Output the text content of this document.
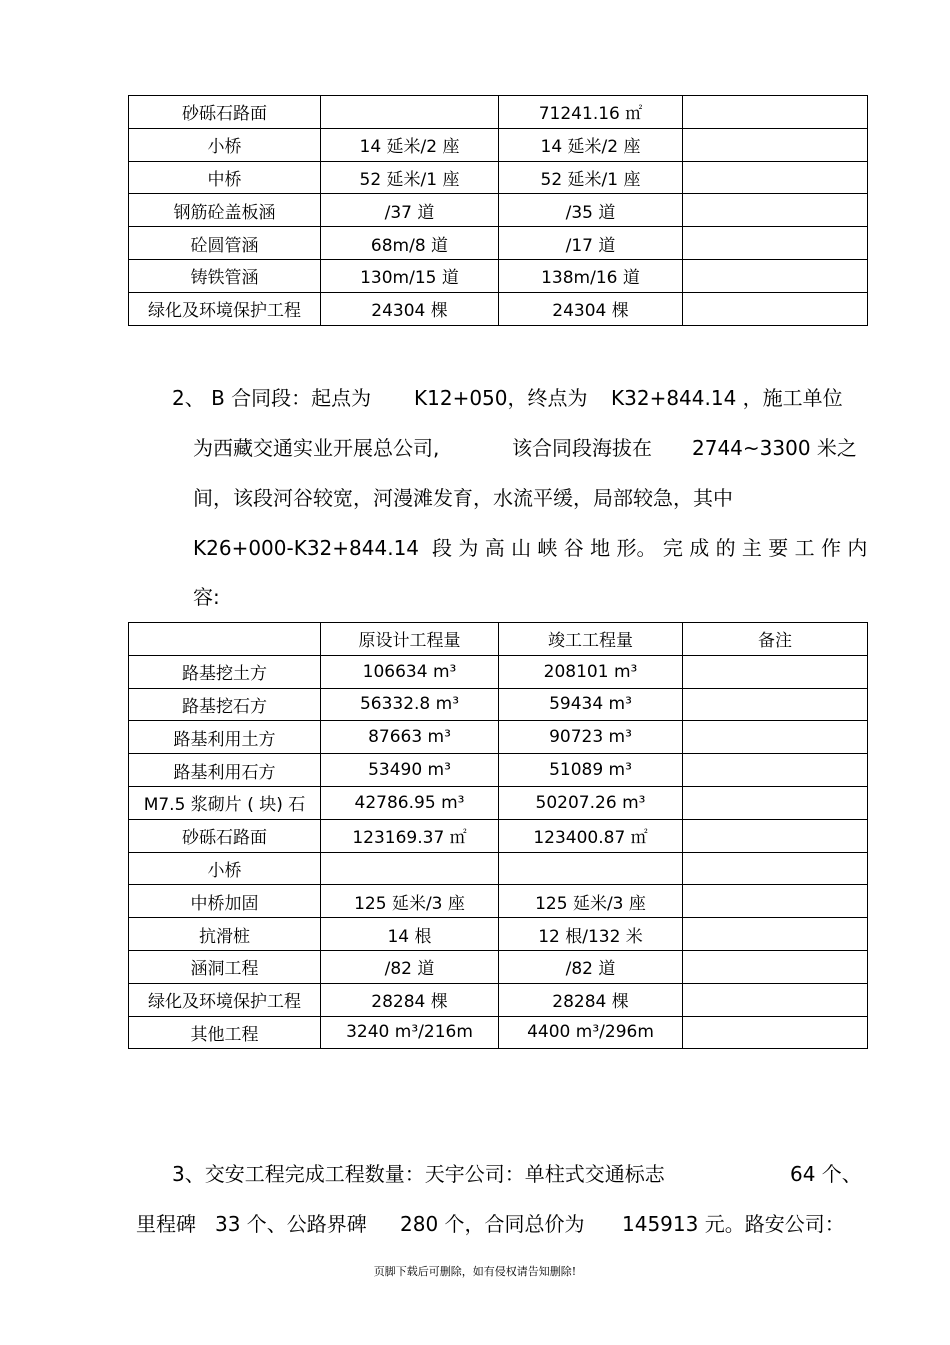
砂砾石路面		71241.16 ㎡	
小桥	14 延米/2 座	14 延米/2 座	
中桥	52 延米/1 座	52 延米/1 座	
钢筋砼盖板涵	/37 道	/35 道	
砼圆管涵	68m/8 道	/17 道	
铸铁管涵	130m/15 道	138m/16 道	
绿化及环境保护工程	24304 棵	24304 棵	

2、 B 合同段：起点为 K12+050，终点为 K32+844.14 ，施工单位

为西藏交通实业开展总公司,	该合同段海拔在 2744~3300 米之

间，该段河谷较宽，河漫滩发育，水流平缓，局部较急，其中

K26+000-K32+844.14 段 为 高 山 峡 谷 地 形。 完 成 的 主 要 工 作 内

容:

	原设计工程量	竣工工程量	备注
路基挖土方	106634 m³	208101 m³	
路基挖石方	56332.8 m³	59434 m³	
路基利用土方	87663 m³	90723 m³	
路基利用石方	53490 m³	51089 m³	
M7.5 浆砌片 ( 块) 石	42786.95 m³	50207.26 m³	
砂砾石路面	123169.37 ㎡	123400.87 ㎡	
小桥			
中桥加固	125 延米/3 座	125 延米/3 座	
抗滑桩	14 根	12 根/132 米	
涵洞工程	/82 道	/82 道	
绿化及环境保护工程	28284 棵	28284 棵	
其他工程	3240 m³/216m	4400 m³/296m	

3、交安工程完成工程数量：天宇公司：单柱式交通标志	64 个、

里程碑 33 个、公路界碑 280 个，合同总价为 145913 元。路安公司：

页脚下载后可删除，如有侵权请告知删除!
